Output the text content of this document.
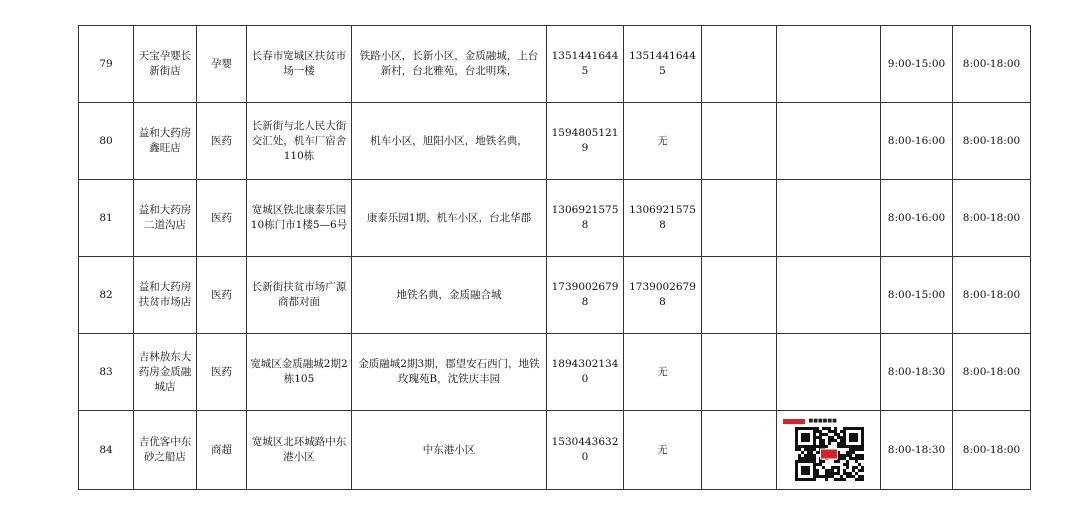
79	天宝孕婴长新街店	孕婴	长春市宽城区扶贫市场一楼	铁路小区，长新小区，金质融城，上台新村，台北雅苑，台北明珠，	13514416445	13514416445			9:00-15:00	8:00-18:00
80	益和大药房鑫旺店	医药	长新街与北人民大街交汇处，机车厂宿舍110栋	机车小区，旭阳小区，地铁名典，	15948051219	无			8:00-16:00	8:00-18:00
81	益和大药房二道沟店	医药	宽城区铁北康泰乐园10栋门市1楼5—6号	康泰乐园1期，机车小区，台北华郡	13069215758	13069215758			8:00-16:00	8:00-18:00
82	益和大药房扶贫市场店	医药	长新街扶贫市场广源商都对面	地铁名典，金质融合城	17390026798	17390026798			8:00-15:00	8:00-18:00
83	吉林敖东大药房金质融城店	医药	宽城区金质融城2期2栋105	金质融城2期3期，郡望安石西门，地铁玫瑰苑B，沈铁庆丰园	18943021340	无			8:00-18:30	8:00-18:00
84	吉优客中东砂之船店	商超	宽城区北环城路中东港小区	中东港小区	15304436320	无		■■■■■■	8:00-18:30	8:00-18:00
